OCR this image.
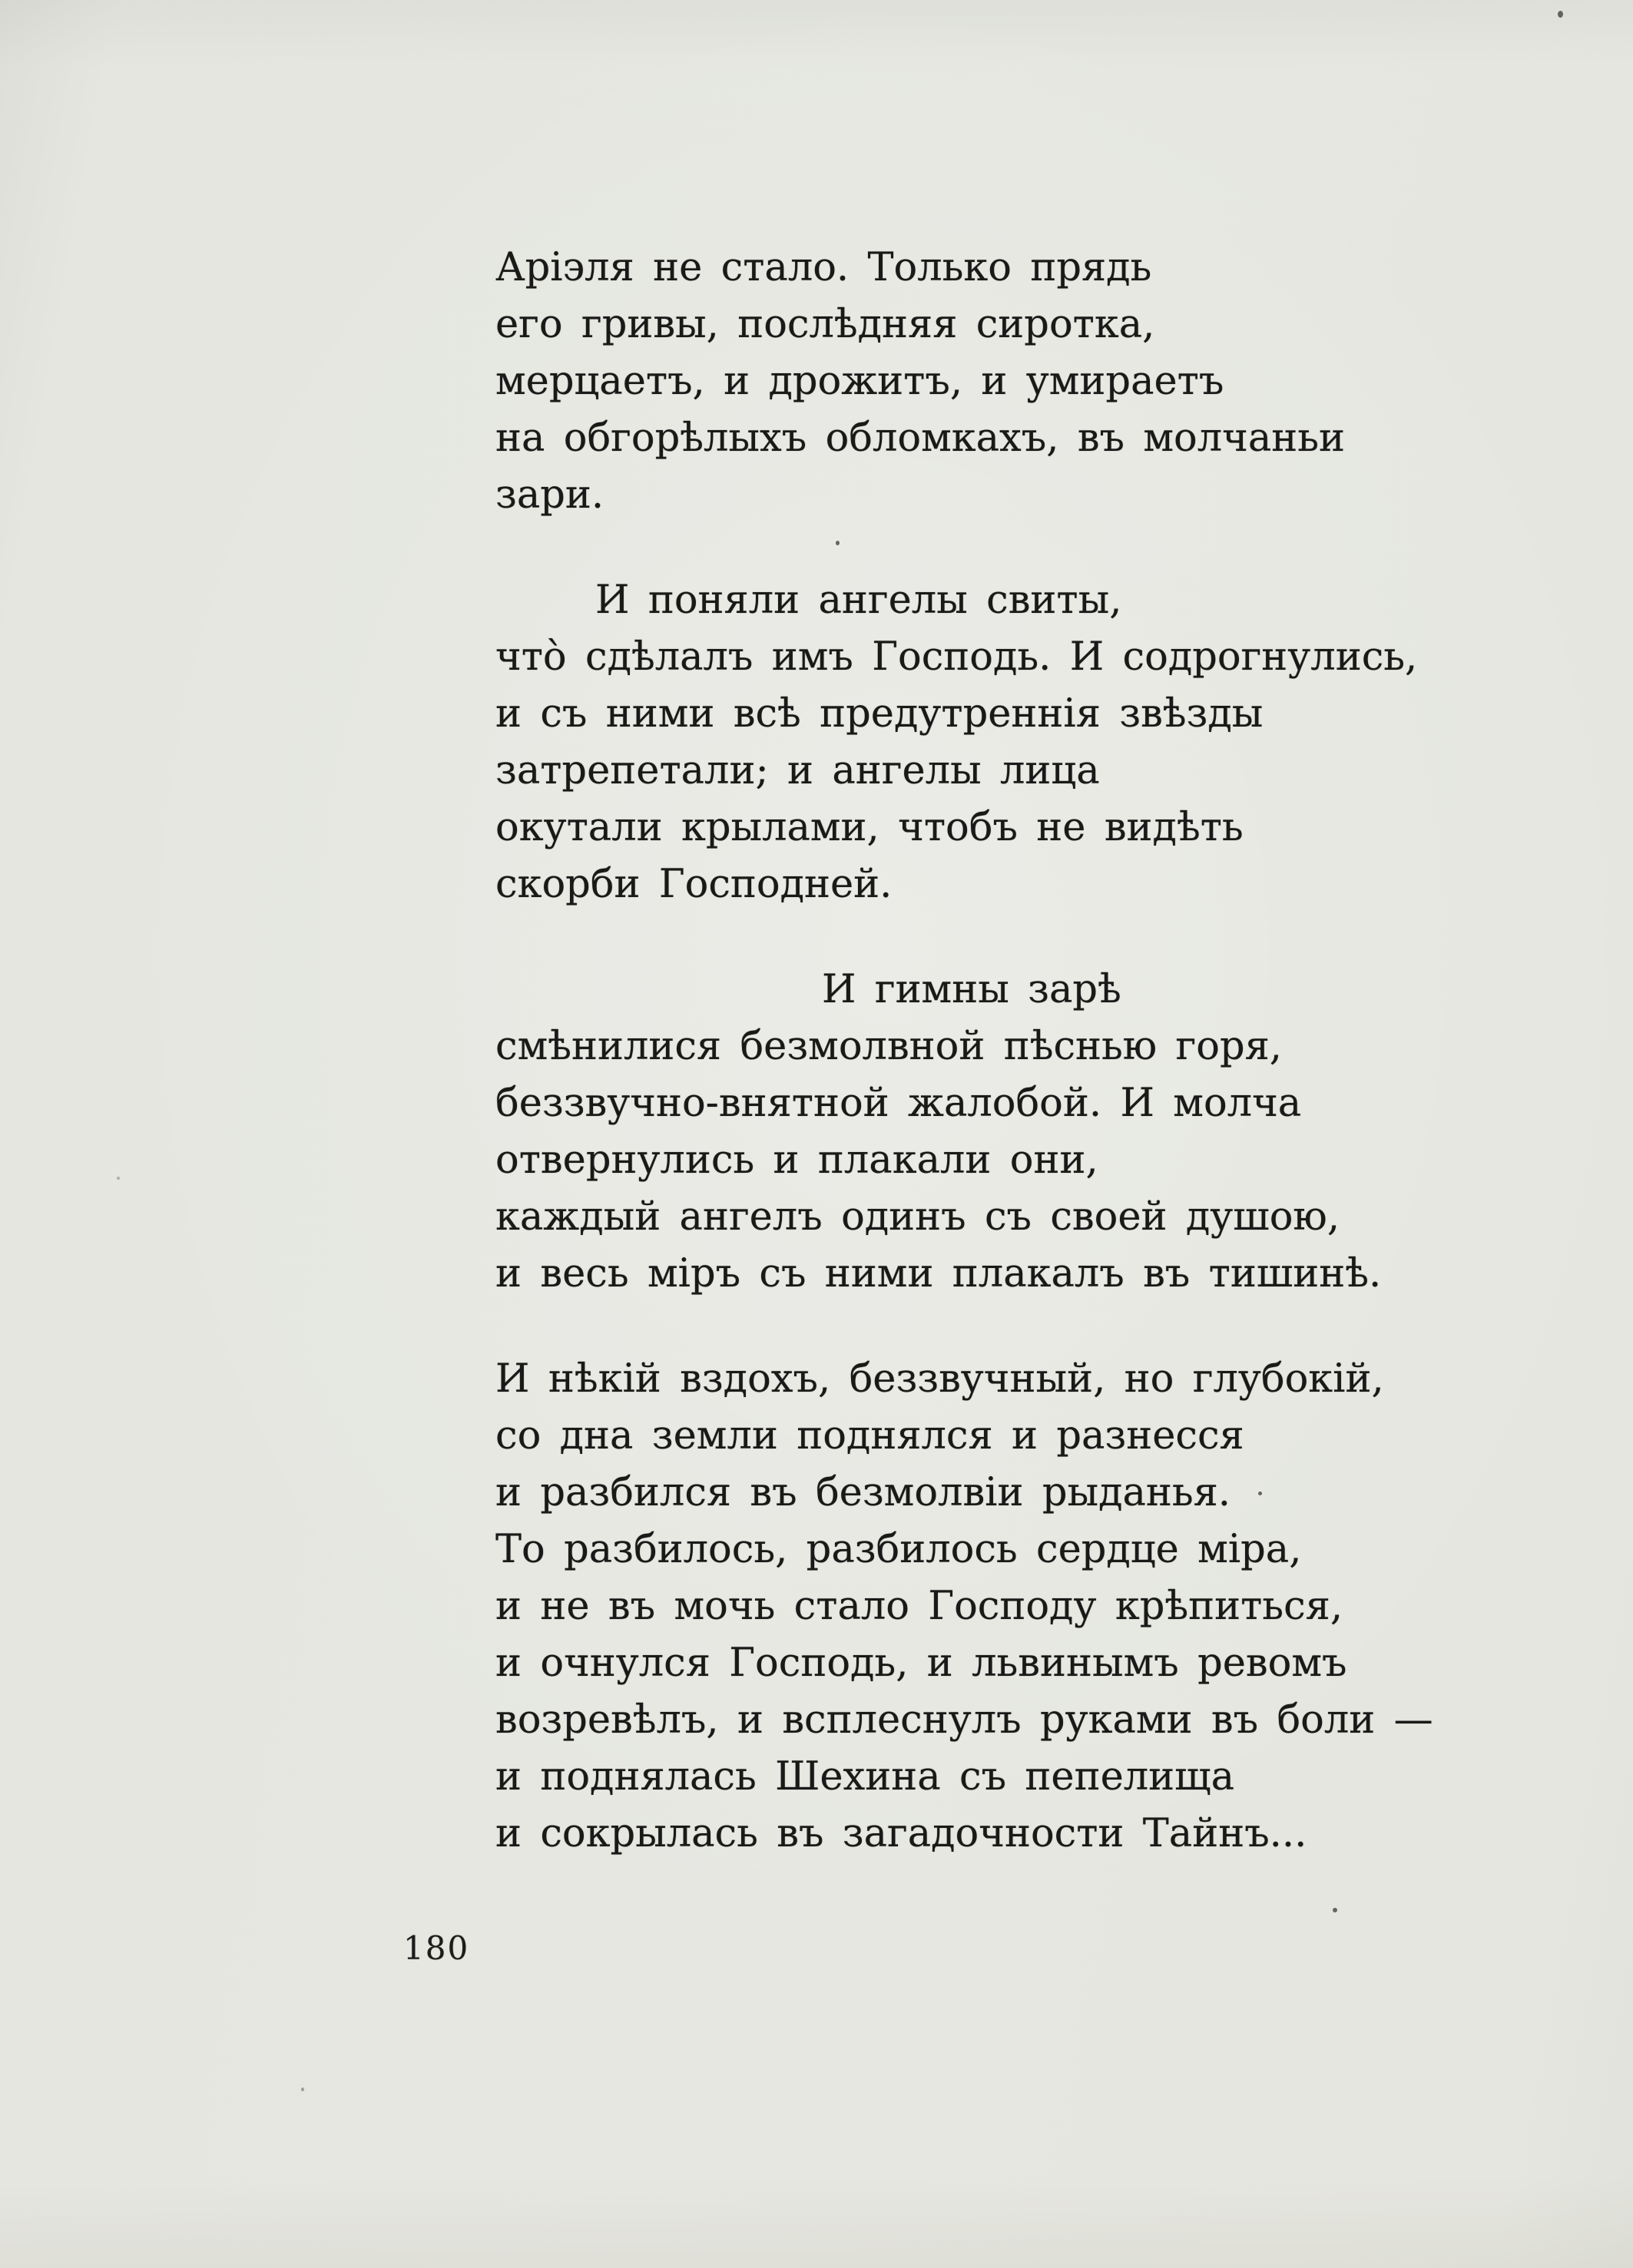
Аріэля не стало. Только прядь
его гривы, послѣдняя сиротка,
мерцаетъ, и дрожитъ, и умираетъ
на обгорѣлыхъ обломкахъ, въ молчаньи
зари.
И поняли ангелы свиты,
что̀ сдѣлалъ имъ Господь. И содрогнулись,
и съ ними всѣ предутреннія звѣзды
затрепетали; и ангелы лица
окутали крылами, чтобъ не видѣть
скорби Господней.
И гимны зарѣ
смѣнилися безмолвной пѣснью горя,
беззвучно-внятной жалобой. И молча
отвернулись и плакали они,
каждый ангелъ одинъ съ своей душою,
и весь міръ съ ними плакалъ въ тишинѣ.
И нѣкій вздохъ, беззвучный, но глубокій,
со дна земли поднялся и разнесся
и разбился въ безмолвіи рыданья.
То разбилось, разбилось сердце міра,
и не въ мочь стало Господу крѣпиться,
и очнулся Господь, и львинымъ ревомъ
возревѣлъ, и всплеснулъ руками въ боли —
и поднялась Шехина съ пепелища
и сокрылась въ загадочности Тайнъ...
180
